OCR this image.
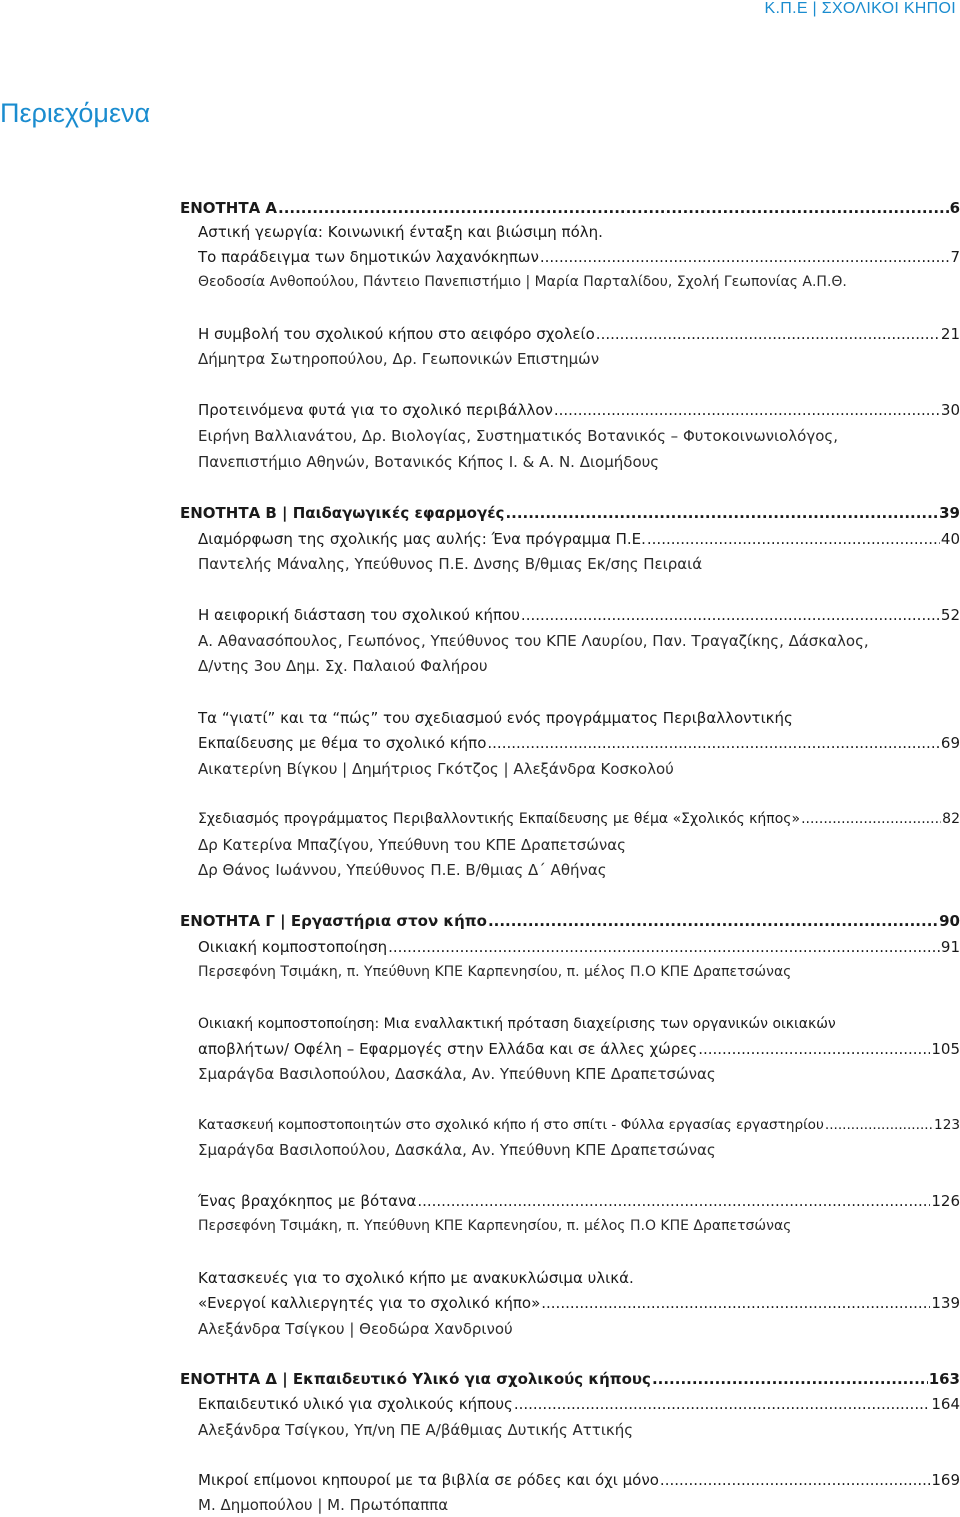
Κ.Π.Ε | ΣΧΟΛΙΚΟΙ ΚΗΠΟΙ
Περιεχόμενα
ΕΝΟΤΗΤΑ Α .....	6
Αστική γεωργία: Κοινωνική ένταξη και βιώσιμη πόλη.
Το παράδειγμα των δημοτικών λαχανόκηπων .....	7
Θεοδοσία Ανθοπούλου, Πάντειο Πανεπιστήμιο | Μαρία Παρταλίδου, Σχολή Γεωπονίας Α.Π.Θ.
Η συμβολή του σχολικού κήπου στο αειφόρο σχολείο .....	21
Δήμητρα Σωτηροπούλου, Δρ. Γεωπονικών Επιστημών
Προτεινόμενα φυτά για το σχολικό περιβάλλον .....	30
Ειρήνη Βαλλιανάτου, Δρ. Βιολογίας, Συστηματικός Βοτανικός – Φυτοκοινωνιολόγος,
Πανεπιστήμιο Αθηνών, Βοτανικός Κήπος Ι. & Α. Ν. Διομήδους
ΕΝΟΤΗΤΑ Β | Παιδαγωγικές εφαρμογές .....	39
Διαμόρφωση της σχολικής μας αυλής: Ένα πρόγραμμα Π.Ε. .....	40
Παντελής Μάναλης, Υπεύθυνος Π.Ε. Δνσης Β/θμιας Εκ/σης Πειραιά
Η αειφορική διάσταση του σχολικού κήπου .....	52
Α. Αθανασόπουλος, Γεωπόνος, Υπεύθυνος του ΚΠΕ Λαυρίου, Παν. Τραγαζίκης, Δάσκαλος,
Δ/ντης 3ου Δημ. Σχ. Παλαιού Φαλήρου
Τα “γιατί” και τα “πώς” του σχεδιασμού ενός προγράμματος Περιβαλλοντικής
Εκπαίδευσης με θέμα το σχολικό κήπο .....	69
Αικατερίνη Βίγκου | Δημήτριος Γκότζος | Αλεξάνδρα Κοσκολού
Σχεδιασμός προγράμματος Περιβαλλοντικής Εκπαίδευσης με θέμα «Σχολικός κήπος» .....	82
Δρ Κατερίνα Μπαζίγου, Υπεύθυνη του ΚΠΕ Δραπετσώνας
Δρ Θάνος Ιωάννου, Υπεύθυνος Π.Ε. Β/θμιας Δ΄ Αθήνας
ΕΝΟΤΗΤΑ Γ | Εργαστήρια στον κήπο .....	90
Οικιακή κομποστοποίηση .....	91
Περσεφόνη Τσιμάκη, π. Υπεύθυνη ΚΠΕ Καρπενησίου, π. μέλος Π.Ο ΚΠΕ Δραπετσώνας
Οικιακή κομποστοποίηση: Μια εναλλακτική πρόταση διαχείρισης των οργανικών οικιακών
αποβλήτων/ Οφέλη – Εφαρμογές στην Ελλάδα και σε άλλες χώρες .....	105
Σμαράγδα Βασιλοπούλου, Δασκάλα, Αν. Υπεύθυνη ΚΠΕ Δραπετσώνας
Κατασκευή κομποστοποιητών στο σχολικό κήπο ή στο σπίτι - Φύλλα εργασίας εργαστηρίου .....	123
Σμαράγδα Βασιλοπούλου, Δασκάλα, Αν. Υπεύθυνη ΚΠΕ Δραπετσώνας
Ένας βραχόκηπος με βότανα .....	126
Περσεφόνη Τσιμάκη, π. Υπεύθυνη ΚΠΕ Καρπενησίου, π. μέλος Π.Ο ΚΠΕ Δραπετσώνας
Κατασκευές για το σχολικό κήπο με ανακυκλώσιμα υλικά.
«Ενεργοί καλλιεργητές για το σχολικό κήπο» .....	139
Αλεξάνδρα Τσίγκου | Θεοδώρα Χανδρινού
ΕΝΟΤΗΤΑ Δ | Εκπαιδευτικό Υλικό για σχολικούς κήπους .....	163
Εκπαιδευτικό υλικό για σχολικούς κήπους .....	164
Αλεξάνδρα Τσίγκου, Υπ/νη ΠΕ Α/βάθμιας Δυτικής Αττικής
Μικροί επίμονοι κηπουροί με τα βιβλία σε ρόδες και όχι μόνο .....	169
Μ. Δημοπούλου | Μ. Πρωτόπαππα
